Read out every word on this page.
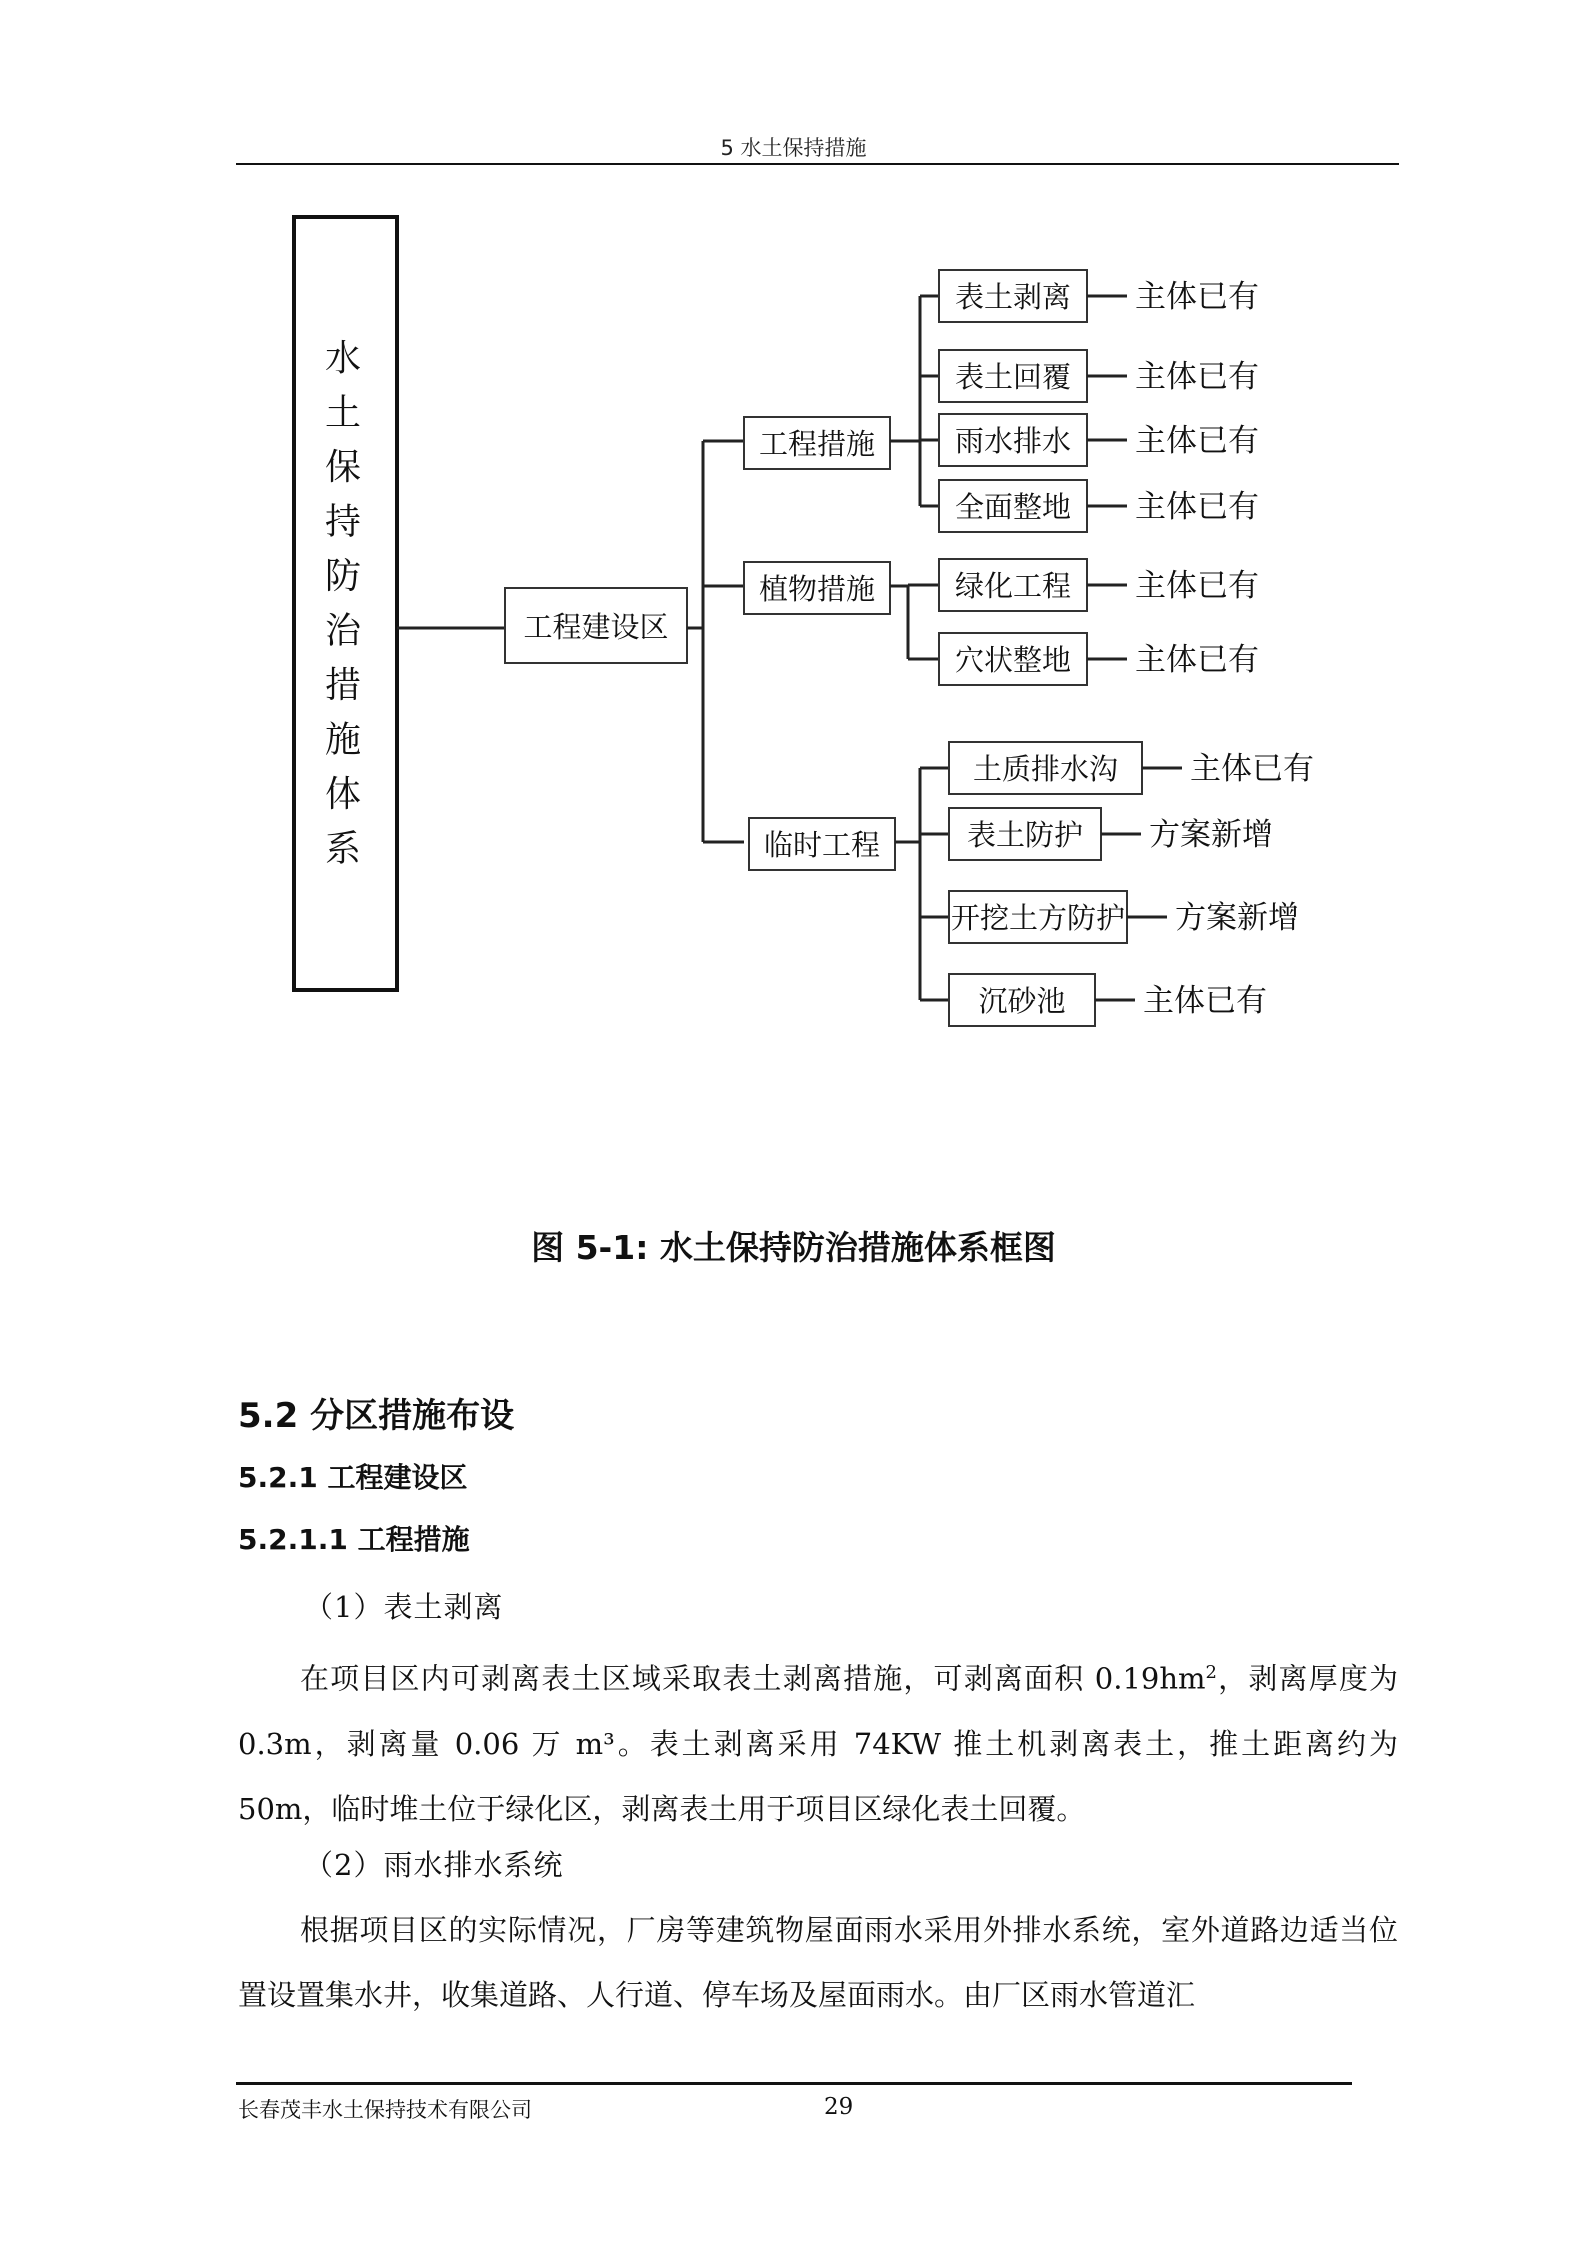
5 水土保持措施
水土保持防治措施体系
工程建设区
工程措施
表土剥离 主体已有
表土回覆 主体已有
雨水排水 主体已有
全面整地 主体已有
植物措施	绿化工程 主体已有
穴状整地 主体已有
临时工程
土质排水沟 主体已有
表土防护 方案新增
开挖土方防护 方案新增
沉砂池 主体已有
图 5-1: 水土保持防治措施体系框图
5.2 分区措施布设
5.2.1 工程建设区
5.2.1.1 工程措施
（1）表土剥离
在项目区内可剥离表土区域采取表土剥离措施，可剥离面积 $0.19hm^2$，剥离厚度为 0.3m，剥离量 0.06 万 m³。表土剥离采用 74KW 推土机剥离表土，推土距离约为 50m，临时堆土位于绿化区，剥离表土用于项目区绿化表土回覆。
（2）雨水排水系统
根据项目区的实际情况，厂房等建筑物屋面雨水采用外排水系统，室外道路边适当位置设置集水井，收集道路、人行道、停车场及屋面雨水。由厂区雨水管道汇
长春茂丰水土保持技术有限公司	29
